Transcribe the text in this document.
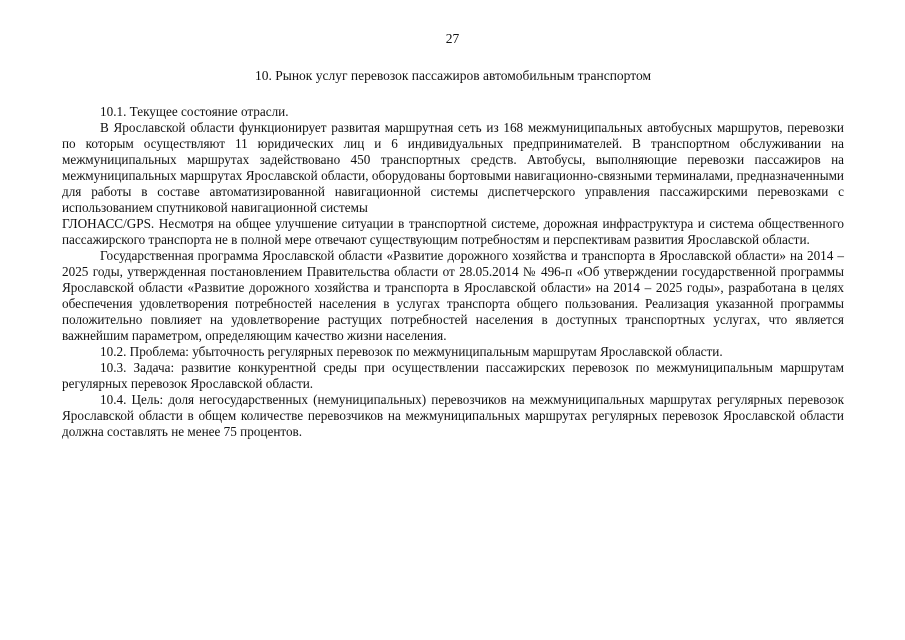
27
10. Рынок услуг перевозок пассажиров автомобильным транспортом

10.1. Текущее состояние отрасли.

В Ярославской области функционирует развитая маршрутная сеть из 168 межмуниципальных автобусных маршрутов, перевозки по которым осуществляют 11 юридических лиц и 6 индивидуальных предпринимателей. В транспортном обслуживании на межмуниципальных маршрутах задействовано 450 транспортных средств. Автобусы, выполняющие перевозки пассажиров на межмуниципальных маршрутах Ярославской области, оборудованы бортовыми навигационно-связными терминалами, предназначенными для работы в составе автоматизированной навигационной системы диспетчерского управления пассажирскими перевозками с использованием спутниковой навигационной системы

ГЛОНАСС/GPS. Несмотря на общее улучшение ситуации в транспортной системе, дорожная инфраструктура и система общественного пассажирского транспорта не в полной мере отвечают существующим потребностям и перспективам развития Ярославской области.

Государственная программа Ярославской области «Развитие дорожного хозяйства и транспорта в Ярославской области» на 2014 – 2025 годы, утвержденная постановлением Правительства области от 28.05.2014 № 496-п «Об утверждении государственной программы Ярославской области «Развитие дорожного хозяйства и транспорта в Ярославской области» на 2014 – 2025 годы», разработана в целях обеспечения удовлетворения потребностей населения в услугах транспорта общего пользования. Реализация указанной программы положительно повлияет на удовлетворение растущих потребностей населения в доступных транспортных услугах, что является важнейшим параметром, определяющим качество жизни населения.

10.2. Проблема: убыточность регулярных перевозок по межмуниципальным маршрутам Ярославской области.

10.3. Задача: развитие конкурентной среды при осуществлении пассажирских перевозок по межмуниципальным маршрутам регулярных перевозок Ярославской области.

10.4. Цель: доля негосударственных (немуниципальных) перевозчиков на межмуниципальных маршрутах регулярных перевозок Ярославской области в общем количестве перевозчиков на межмуниципальных маршрутах регулярных перевозок Ярославской области должна составлять не менее 75 процентов.
